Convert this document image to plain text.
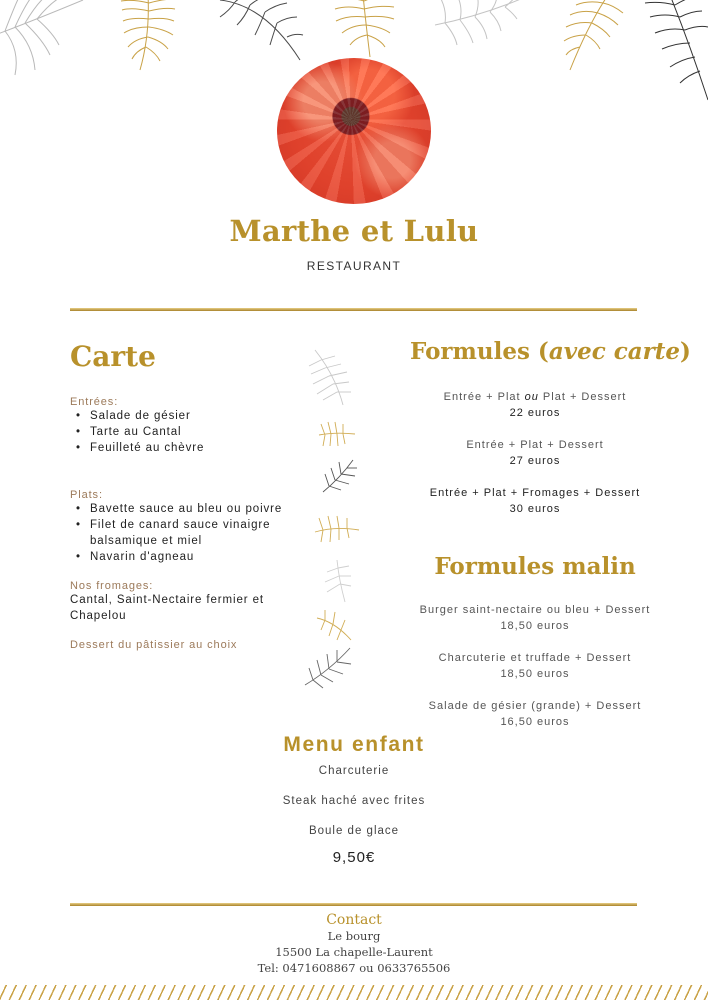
Marthe et Lulu
RESTAURANT
Carte
Entrées:
• Salade de gésier
• Tarte au Cantal
• Feuilleté au chèvre
Plats:
• Bavette sauce au bleu ou poivre
• Filet de canard sauce vinaigre balsamique et miel
• Navarin d'agneau
Nos fromages:
Cantal, Saint-Nectaire fermier et Chapelou
Dessert du pâtissier au choix
Formules (avec carte)
Entrée + Plat ou Plat + Dessert
22 euros
Entrée + Plat + Dessert
27 euros
Entrée + Plat + Fromages + Dessert
30 euros
Formules malin
Burger saint-nectaire ou bleu + Dessert
18,50 euros
Charcuterie et truffade + Dessert
18,50 euros
Salade de gésier (grande) + Dessert
16,50 euros
Menu enfant
Charcuterie
Steak haché avec frites
Boule de glace
9,50€
Contact
Le bourg
15500 La chapelle-Laurent
Tel: 0471608867 ou 0633765506
